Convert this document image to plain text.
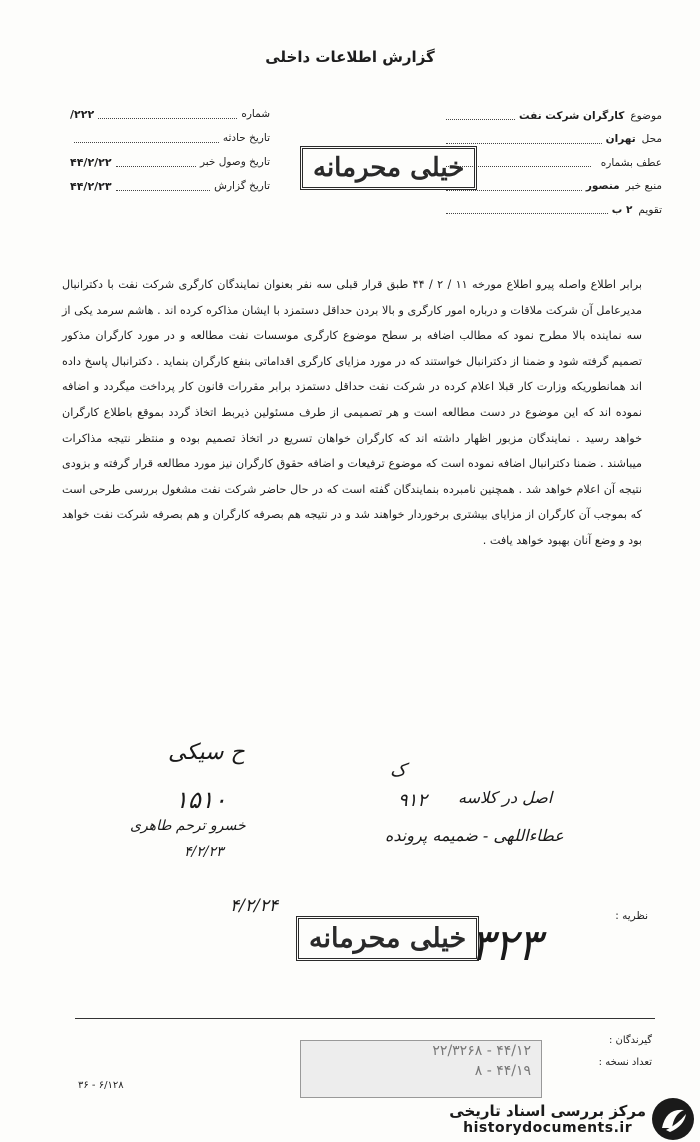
گزارش اطلاعات داخلی
شماره
۲۲۲/
تاریخ حادثه
تاریخ وصول خبر
۴۴/۲/۲۲
تاریخ گزارش
۴۴/۲/۲۳
موضوع
کارگران شرکت نفت
محل
تهران
عطف بشماره
منبع خبر
منصور
تقویم
۲ ب
خیلی محرمانه

برابر اطلاع واصله پیرو اطلاع مورخه ۱۱ / ۲ / ۴۴ طبق قرار قبلی سه نفر بعنوان نمایندگان کارگری شرکت نفت با دکترانبال مدیرعامل آن شرکت ملاقات و درباره امور کارگری و بالا بردن حداقل دستمزد با ایشان مذاکره کرده اند . هاشم سرمد یکی از سه نماینده بالا مطرح نمود که مطالب اضافه بر سطح موضوع کارگری موسسات نفت مطالعه و در مورد کارگران مذکور تصمیم گرفته شود و ضمنا از دکترانبال خواستند که در مورد مزایای کارگری اقداماتی بنفع کارگران بنماید . دکترانبال پاسخ داده اند همانطوریکه وزارت کار قبلا اعلام کرده در شرکت نفت حداقل دستمزد برابر مقررات قانون کار پرداخت میگردد و اضافه نموده اند که این موضوع در دست مطالعه است و هر تصمیمی از طرف مسئولین ذیربط اتخاذ گردد بموقع باطلاع کارگران خواهد رسید . نمایندگان مزبور اظهار داشته اند که کارگران خواهان تسریع در اتخاذ تصمیم بوده و منتظر نتیجه مذاکرات میباشند . ضمنا دکترانبال اضافه نموده است که موضوع ترفیعات و اضافه حقوق کارگران نیز مورد مطالعه قرار گرفته و بزودی نتیجه آن اعلام خواهد شد . همچنین نامبرده بنمایندگان گفته است که در حال حاضر شرکت نفت مشغول بررسی طرحی است که بموجب آن کارگران از مزایای بیشتری برخوردار خواهند شد و در نتیجه هم بصرفه کارگران و هم بصرفه شرکت نفت خواهد بود و وضع آنان بهبود خواهد یافت .

ح سیکی
۱۵۱۰
خسرو ترحم طاهری
۴/۲/۲۳
ک
۹۱۲ اصل در کلاسه
عطاءاللهی - ضمیمه پرونده
۴/۲/۲۴
خیلی محرمانه ۳۲۳
نظریه :
گیرندگان :
تعداد نسخه :
۲۲/۳۲۶۸ - ۴۴/۱۲
۸ - ۴۴/۱۹
۳۶ - ۶/۱۲۸
مرکز بررسی اسناد تاریخی
historydocuments.ir
